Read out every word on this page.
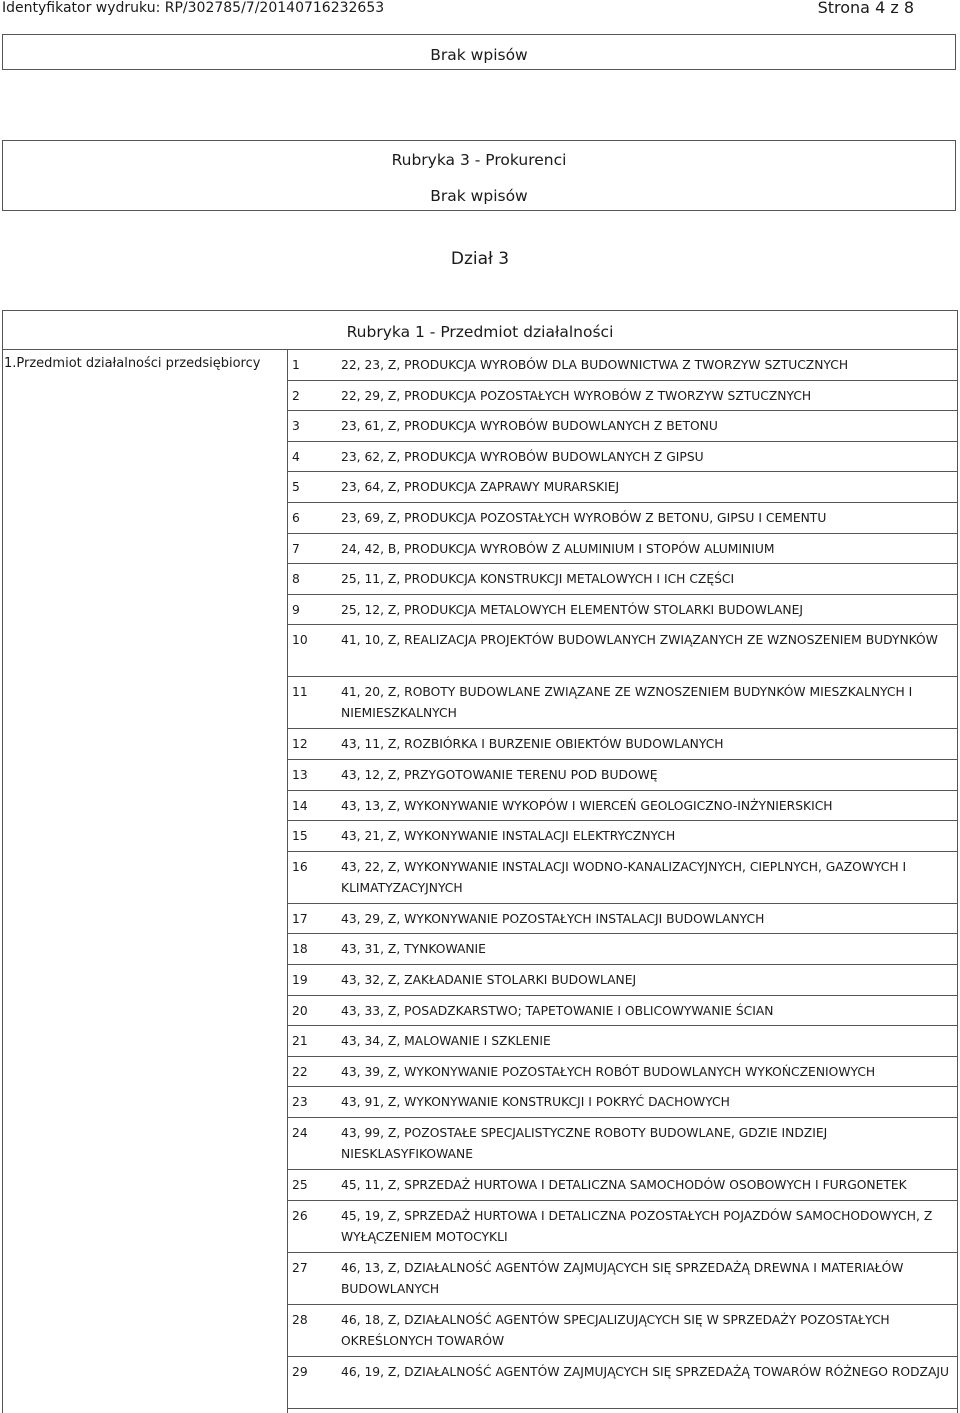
Identyfikator wydruku: RP/302785/7/20140716232653	Strona 4 z 8
Brak wpisów
Rubryka 3 - Prokurenci
Brak wpisów
Dział 3
Rubryka 1 - Przedmiot działalności
1.Przedmiot działalności przedsiębiorcy	1	22, 23, Z, PRODUKCJA WYROBÓW DLA BUDOWNICTWA Z TWORZYW SZTUCZNYCH
2	22, 29, Z, PRODUKCJA POZOSTAŁYCH WYROBÓW Z TWORZYW SZTUCZNYCH
3	23, 61, Z, PRODUKCJA WYROBÓW BUDOWLANYCH Z BETONU
4	23, 62, Z, PRODUKCJA WYROBÓW BUDOWLANYCH Z GIPSU
5	23, 64, Z, PRODUKCJA ZAPRAWY MURARSKIEJ
6	23, 69, Z, PRODUKCJA POZOSTAŁYCH WYROBÓW Z BETONU, GIPSU I CEMENTU
7	24, 42, B, PRODUKCJA WYROBÓW Z ALUMINIUM I STOPÓW ALUMINIUM
8	25, 11, Z, PRODUKCJA KONSTRUKCJI METALOWYCH I ICH CZĘŚCI
9	25, 12, Z, PRODUKCJA METALOWYCH ELEMENTÓW STOLARKI BUDOWLANEJ
10	41, 10, Z, REALIZACJA PROJEKTÓW BUDOWLANYCH ZWIĄZANYCH ZE WZNOSZENIEM BUDYNKÓW
11	41, 20, Z, ROBOTY BUDOWLANE ZWIĄZANE ZE WZNOSZENIEM BUDYNKÓW MIESZKALNYCH I NIEMIESZKALNYCH
12	43, 11, Z, ROZBIÓRKA I BURZENIE OBIEKTÓW BUDOWLANYCH
13	43, 12, Z, PRZYGOTOWANIE TERENU POD BUDOWĘ
14	43, 13, Z, WYKONYWANIE WYKOPÓW I WIERCEŃ GEOLOGICZNO-INŻYNIERSKICH
15	43, 21, Z, WYKONYWANIE INSTALACJI ELEKTRYCZNYCH
16	43, 22, Z, WYKONYWANIE INSTALACJI WODNO-KANALIZACYJNYCH, CIEPLNYCH, GAZOWYCH I KLIMATYZACYJNYCH
17	43, 29, Z, WYKONYWANIE POZOSTAŁYCH INSTALACJI BUDOWLANYCH
18	43, 31, Z, TYNKOWANIE
19	43, 32, Z, ZAKŁADANIE STOLARKI BUDOWLANEJ
20	43, 33, Z, POSADZKARSTWO; TAPETOWANIE I OBLICOWYWANIE ŚCIAN
21	43, 34, Z, MALOWANIE I SZKLENIE
22	43, 39, Z, WYKONYWANIE POZOSTAŁYCH ROBÓT BUDOWLANYCH WYKOŃCZENIOWYCH
23	43, 91, Z, WYKONYWANIE KONSTRUKCJI I POKRYĆ DACHOWYCH
24	43, 99, Z, POZOSTAŁE SPECJALISTYCZNE ROBOTY BUDOWLANE, GDZIE INDZIEJ NIESKLASYFIKOWANE
25	45, 11, Z, SPRZEDAŻ HURTOWA I DETALICZNA SAMOCHODÓW OSOBOWYCH I FURGONETEK
26	45, 19, Z, SPRZEDAŻ HURTOWA I DETALICZNA POZOSTAŁYCH POJAZDÓW SAMOCHODOWYCH, Z WYŁĄCZENIEM MOTOCYKLI
27	46, 13, Z, DZIAŁALNOŚĆ AGENTÓW ZAJMUJĄCYCH SIĘ SPRZEDAŻĄ DREWNA I MATERIAŁÓW BUDOWLANYCH
28	46, 18, Z, DZIAŁALNOŚĆ AGENTÓW SPECJALIZUJĄCYCH SIĘ W SPRZEDAŻY POZOSTAŁYCH OKREŚLONYCH TOWARÓW
29	46, 19, Z, DZIAŁALNOŚĆ AGENTÓW ZAJMUJĄCYCH SIĘ SPRZEDAŻĄ TOWARÓW RÓŻNEGO RODZAJU
